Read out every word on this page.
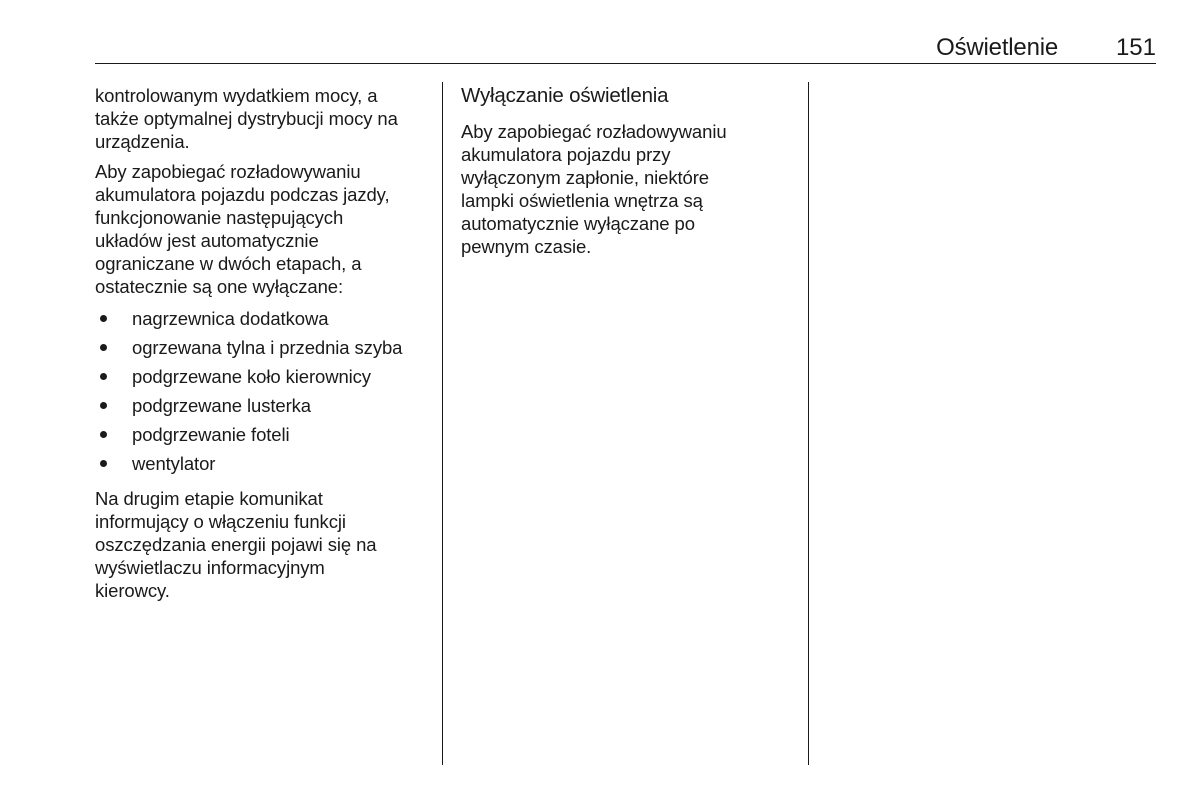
Oświetlenie 151

kontrolowanym wydatkiem mocy, a
także optymalnej dystrybucji mocy na
urządzenia.

Aby zapobiegać rozładowywaniu
akumulatora pojazdu podczas jazdy,
funkcjonowanie następujących
układów jest automatycznie
ograniczane w dwóch etapach, a
ostatecznie są one wyłączane:

nagrzewnica dodatkowa
ogrzewana tylna i przednia szyba
podgrzewane koło kierownicy
podgrzewane lusterka
podgrzewanie foteli
wentylator

Na drugim etapie komunikat
informujący o włączeniu funkcji
oszczędzania energii pojawi się na
wyświetlaczu informacyjnym
kierowcy.

Wyłączanie oświetlenia

Aby zapobiegać rozładowywaniu
akumulatora pojazdu przy
wyłączonym zapłonie, niektóre
lampki oświetlenia wnętrza są
automatycznie wyłączane po
pewnym czasie.
